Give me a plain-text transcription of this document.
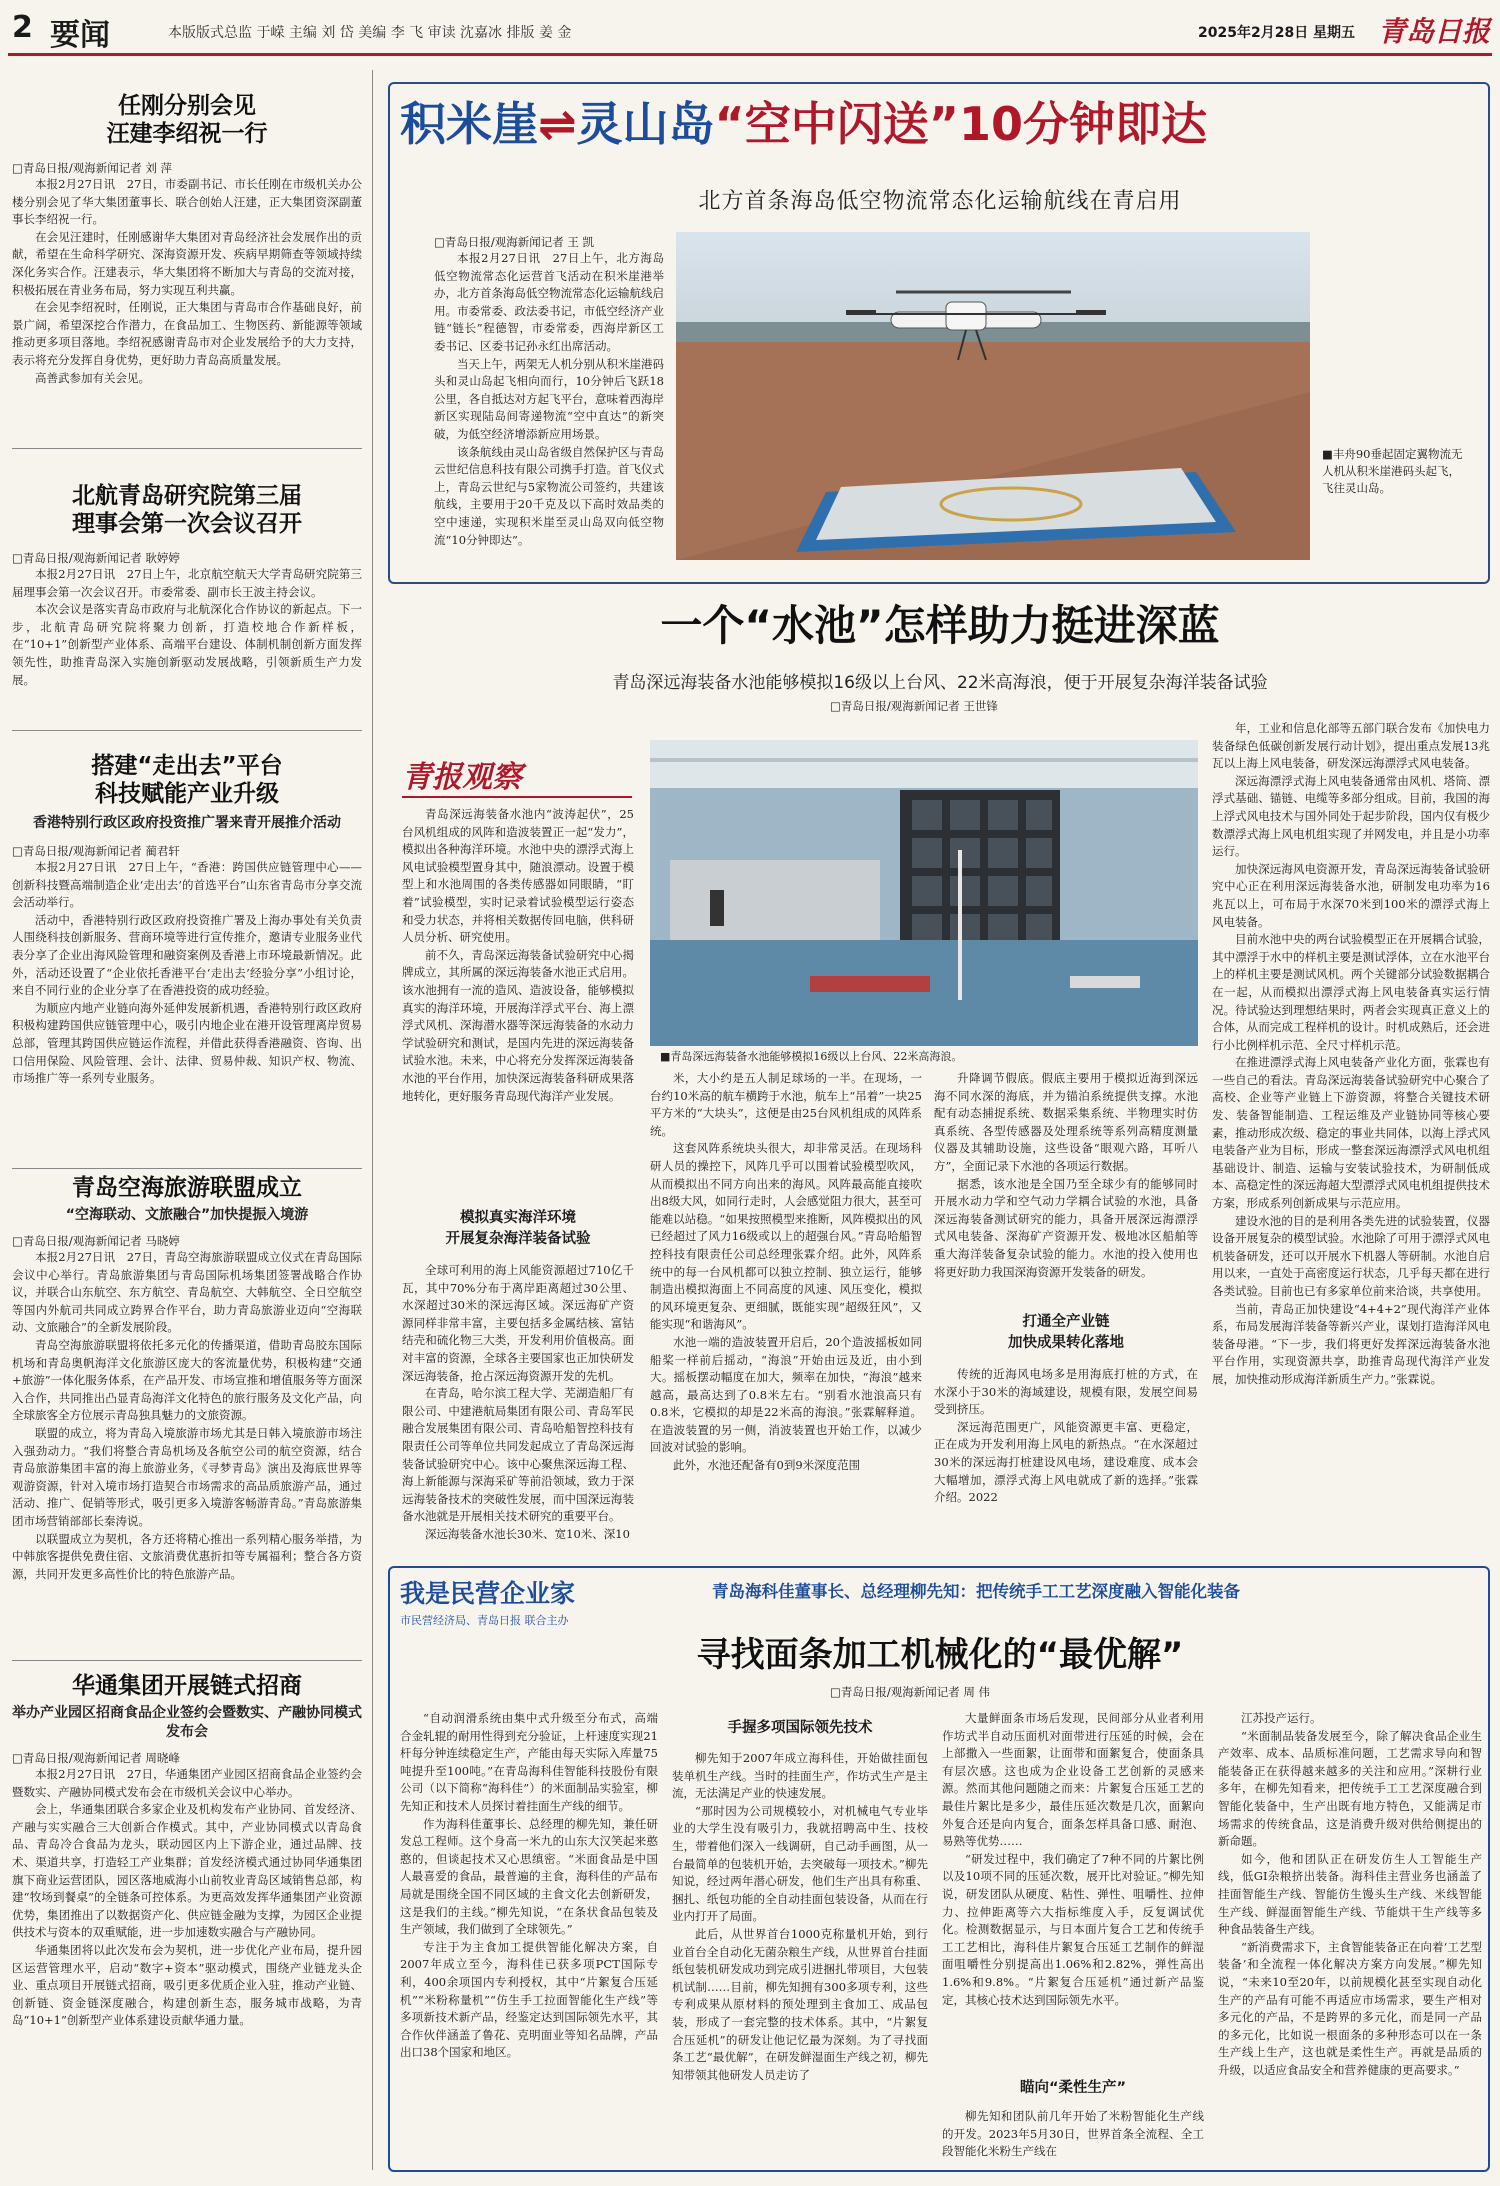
2 要闻	本版版式总监 于嵘 主编 刘 岱 美编 李 飞 审读 沈嘉冰 排版 姜 金	2025年2月28日 星期五 青岛日报
任刚分别会见
汪建李绍祝一行
□青岛日报/观海新闻记者 刘 萍

本报2月27日讯　27日，市委副书记、市长任刚在市级机关办公楼分别会见了华大集团董事长、联合创始人汪建，正大集团资深副董事长李绍祝一行。

在会见汪建时，任刚感谢华大集团对青岛经济社会发展作出的贡献，希望在生命科学研究、深海资源开发、疾病早期筛查等领域持续深化务实合作。汪建表示，华大集团将不断加大与青岛的交流对接，积极拓展在青业务布局，努力实现互利共赢。

在会见李绍祝时，任刚说，正大集团与青岛市合作基础良好，前景广阔，希望深挖合作潜力，在食品加工、生物医药、新能源等领域推动更多项目落地。李绍祝感谢青岛市对企业发展给予的大力支持，表示将充分发挥自身优势，更好助力青岛高质量发展。

高善武参加有关会见。

北航青岛研究院第三届
理事会第一次会议召开
□青岛日报/观海新闻记者 耿婷婷

本报2月27日讯　27日上午，北京航空航天大学青岛研究院第三届理事会第一次会议召开。市委常委、副市长王波主持会议。

本次会议是落实青岛市政府与北航深化合作协议的新起点。下一步，北航青岛研究院将聚力创新，打造校地合作新样板，在“10+1”创新型产业体系、高端平台建设、体制机制创新方面发挥领先性，助推青岛深入实施创新驱动发展战略，引领新质生产力发展。

搭建“走出去”平台
科技赋能产业升级
香港特别行政区政府投资推广署来青开展推介活动
□青岛日报/观海新闻记者 蔺君轩

本报2月27日讯　27日上午，“香港：跨国供应链管理中心——创新科技暨高端制造企业‘走出去’的首选平台”山东省青岛市分享交流会活动举行。

活动中，香港特别行政区政府投资推广署及上海办事处有关负责人围绕科技创新服务、营商环境等进行宣传推介，邀请专业服务业代表分享了企业出海风险管理和融资案例及香港上市环境最新情况。此外，活动还设置了“企业依托香港平台‘走出去’经验分享”小组讨论，来自不同行业的企业分享了在香港投资的成功经验。

为顺应内地产业链向海外延伸发展新机遇，香港特别行政区政府积极构建跨国供应链管理中心，吸引内地企业在港开设管理离岸贸易总部，管理其跨国供应链运作流程，并借此获得香港融资、咨询、出口信用保险、风险管理、会计、法律、贸易仲裁、知识产权、物流、市场推广等一系列专业服务。

青岛空海旅游联盟成立
“空海联动、文旅融合”加快提振入境游
□青岛日报/观海新闻记者 马晓婷

本报2月27日讯　27日，青岛空海旅游联盟成立仪式在青岛国际会议中心举行。青岛旅游集团与青岛国际机场集团签署战略合作协议，并联合山东航空、东方航空、青岛航空、大韩航空、全日空航空等国内外航司共同成立跨界合作平台，助力青岛旅游业迈向“空海联动、文旅融合”的全新发展阶段。

青岛空海旅游联盟将依托多元化的传播渠道，借助青岛胶东国际机场和青岛奥帆海洋文化旅游区庞大的客流量优势，积极构建“交通+旅游”一体化服务体系，在产品开发、市场宣推和增值服务等方面深入合作，共同推出凸显青岛海洋文化特色的旅行服务及文化产品，向全球旅客全方位展示青岛独具魅力的文旅资源。

联盟的成立，将为青岛入境旅游市场尤其是日韩入境旅游市场注入强劲动力。“我们将整合青岛机场及各航空公司的航空资源，结合青岛旅游集团丰富的海上旅游业务，《寻梦青岛》演出及海底世界等观游资源，针对入境市场打造契合市场需求的高品质旅游产品，通过活动、推广、促销等形式，吸引更多入境游客畅游青岛。”青岛旅游集团市场营销部部长秦涛说。

以联盟成立为契机，各方还将精心推出一系列精心服务举措，为中韩旅客提供免费住宿、文旅消费优惠折扣等专属福利；整合各方资源，共同开发更多高性价比的特色旅游产品。

华通集团开展链式招商
举办产业园区招商食品企业签约会暨数实、产融协同模式发布会
□青岛日报/观海新闻记者 周晓峰

本报2月27日讯　27日，华通集团产业园区招商食品企业签约会暨数实、产融协同模式发布会在市级机关会议中心举办。

会上，华通集团联合多家企业及机构发布产业协同、首发经济、产融与实实融合三大创新合作模式。其中，产业协同模式以青岛食品、青岛冷合食品为龙头，联动园区内上下游企业，通过品牌、技术、渠道共享，打造轻工产业集群；首发经济模式通过协同华通集团旗下商业运营团队，园区落地威海小山前牧业青岛区域销售总部，构建“牧场到餐桌”的全链条可控体系。为更高效发挥华通集团产业资源优势，集团推出了以数据资产化、供应链金融为支撑，为园区企业提供技术与资本的双重赋能，进一步加速数实融合与产融协同。

华通集团将以此次发布会为契机，进一步优化产业布局，提升园区运营管理水平，启动“数字+资本”驱动模式，围绕产业链龙头企业、重点项目开展链式招商，吸引更多优质企业入驻，推动产业链、创新链、资金链深度融合，构建创新生态，服务城市战略，为青岛“10+1”创新型产业体系建设贡献华通力量。

积米崖⇌灵山岛“空中闪送”10分钟即达
北方首条海岛低空物流常态化运输航线在青启用
□青岛日报/观海新闻记者 王 凯

本报2月27日讯　27日上午，北方海岛低空物流常态化运营首飞活动在积米崖港举办，北方首条海岛低空物流常态化运输航线启用。市委常委、政法委书记，市低空经济产业链“链长”程德智，市委常委，西海岸新区工委书记、区委书记孙永红出席活动。

当天上午，两架无人机分别从积米崖港码头和灵山岛起飞相向而行，10分钟后飞跃18公里，各自抵达对方起飞平台，意味着西海岸新区实现陆岛间寄递物流“空中直达”的新突破，为低空经济增添新应用场景。

该条航线由灵山岛省级自然保护区与青岛云世纪信息科技有限公司携手打造。首飞仪式上，青岛云世纪与5家物流公司签约，共建该航线，主要用于20千克及以下高时效品类的空中速递，实现积米崖至灵山岛双向低空物流“10分钟即达”。

■丰舟90垂起固定翼物流无人机从积米崖港码头起飞，飞往灵山岛。
一个“水池”怎样助力挺进深蓝
青岛深远海装备水池能够模拟16级以上台风、22米高海浪，便于开展复杂海洋装备试验
□青岛日报/观海新闻记者 王世锋
青报观察

青岛深远海装备水池内“波涛起伏”，25台风机组成的风阵和造波装置正一起“发力”，模拟出各种海洋环境。水池中央的漂浮式海上风电试验模型置身其中，随浪漂动。设置于模型上和水池周围的各类传感器如同眼睛，“盯着”试验模型，实时记录着试验模型运行姿态和受力状态，并将相关数据传回电脑，供科研人员分析、研究使用。

前不久，青岛深远海装备试验研究中心揭牌成立，其所属的深远海装备水池正式启用。该水池拥有一流的造风、造波设备，能够模拟真实的海洋环境，开展海洋浮式平台、海上漂浮式风机、深海潜水器等深远海装备的水动力学试验研究和测试，是国内先进的深远海装备试验水池。未来，中心将充分发挥深远海装备水池的平台作用，加快深远海装备科研成果落地转化，更好服务青岛现代海洋产业发展。

模拟真实海洋环境
开展复杂海洋装备试验

全球可利用的海上风能资源超过710亿千瓦，其中70%分布于离岸距离超过30公里、水深超过30米的深远海区域。深远海矿产资源同样非常丰富，主要包括多金属结核、富钴结壳和硫化物三大类，开发利用价值极高。面对丰富的资源，全球各主要国家也正加快研发深远海装备，抢占深远海资源开发的先机。

在青岛，哈尔滨工程大学、芜湖造船厂有限公司、中建港航局集团有限公司、青岛军民融合发展集团有限公司、青岛哈船智控科技有限责任公司等单位共同发起成立了青岛深远海装备试验研究中心。该中心聚焦深远海工程、海上新能源与深海采矿等前沿领域，致力于深远海装备技术的突破性发展，而中国深远海装备水池就是开展相关技术研究的重要平台。

深远海装备水池长30米、宽10米、深10

■青岛深远海装备水池能够模拟16级以上台风、22米高海浪。

米，大小约是五人制足球场的一半。在现场，一台约10米高的航车横跨于水池，航车上“吊着”一块25平方米的“大块头”，这便是由25台风机组成的风阵系统。

这套风阵系统块头很大，却非常灵活。在现场科研人员的操控下，风阵几乎可以围着试验模型吹风，从而模拟出不同方向出来的海风。风阵最高能直接吹出8级大风，如同行走时，人会感觉阻力很大，甚至可能难以站稳。“如果按照模型来推断，风阵模拟出的风已经超过了风力16级或以上的超强台风。”青岛哈船智控科技有限责任公司总经理张霖介绍。此外，风阵系统中的每一台风机都可以独立控制、独立运行，能够制造出模拟海面上不同高度的风速、风压变化，模拟的风环境更复杂、更细腻，既能实现“超级狂风”，又能实现“和谐海风”。

水池一端的造波装置开启后，20个造波摇板如同船桨一样前后摇动，“海浪”开始由远及近，由小到大。摇板摆动幅度在加大，频率在加快，“海浪”越来越高，最高达到了0.8米左右。“别看水池浪高只有0.8米，它模拟的却是22米高的海浪。”张霖解释道。在造波装置的另一侧，消波装置也开始工作，以减少回波对试验的影响。

此外，水池还配备有0到9米深度范围

升降调节假底。假底主要用于模拟近海到深远海不同水深的海底，并为锚泊系统提供支撑。水池配有动态捕捉系统、数据采集系统、半物理实时仿真系统、各型传感器及处理系统等系列高精度测量仪器及其辅助设施，这些设备“眼观六路，耳听八方”，全面记录下水池的各项运行数据。

据悉，该水池是全国乃至全球少有的能够同时开展水动力学和空气动力学耦合试验的水池，具备深远海装备测试研究的能力，具备开展深远海漂浮式风电装备、深海矿产资源开发、极地冰区船舶等重大海洋装备复杂试验的能力。水池的投入使用也将更好助力我国深海资源开发装备的研发。

打通全产业链
加快成果转化落地

传统的近海风电场多是用海底打桩的方式，在水深小于30米的海域建设，规模有限，发展空间易受到挤压。

深远海范围更广，风能资源更丰富、更稳定，正在成为开发利用海上风电的新热点。“在水深超过30米的深远海打桩建设风电场，建设难度、成本会大幅增加，漂浮式海上风电就成了新的选择。”张霖介绍。2022

年，工业和信息化部等五部门联合发布《加快电力装备绿色低碳创新发展行动计划》，提出重点发展13兆瓦以上海上风电装备，研发深远海漂浮式风电装备。

深远海漂浮式海上风电装备通常由风机、塔筒、漂浮式基础、锚链、电缆等多部分组成。目前，我国的海上浮式风电技术与国外同处于起步阶段，国内仅有极少数漂浮式海上风电机组实现了并网发电，并且是小功率运行。

加快深远海风电资源开发，青岛深远海装备试验研究中心正在利用深远海装备水池，研制发电功率为16兆瓦以上，可布局于水深70米到100米的漂浮式海上风电装备。

目前水池中央的两台试验模型正在开展耦合试验，其中漂浮于水中的样机主要是测试浮体，立在水池平台上的样机主要是测试风机。两个关键部分试验数据耦合在一起，从而模拟出漂浮式海上风电装备真实运行情况。待试验达到理想结果时，两者会实现真正意义上的合体，从而完成工程样机的设计。时机成熟后，还会进行小比例样机示范、全尺寸样机示范。

在推进漂浮式海上风电装备产业化方面，张霖也有一些自己的看法。青岛深远海装备试验研究中心聚合了高校、企业等产业链上下游资源，将整合关键技术研发、装备智能制造、工程运维及产业链协同等核心要素，推动形成次级、稳定的事业共同体，以海上浮式风电装备产业为目标，形成一整套深远海漂浮式风电机组基础设计、制造、运输与安装试验技术，为研制低成本、高稳定性的深远海超大型漂浮式风电机组提供技术方案，形成系列创新成果与示范应用。

建设水池的目的是利用各类先进的试验装置，仪器设备开展复杂的模型试验。水池除了可用于漂浮式风电机装备研发，还可以开展水下机器人等研制。水池自启用以来，一直处于高密度运行状态，几乎每天都在进行各类试验。目前也已有多家单位前来洽谈，共享使用。

当前，青岛正加快建设“4+4+2”现代海洋产业体系，布局发展海洋装备等新兴产业，谋划打造海洋风电装备母港。“下一步，我们将更好发挥深远海装备水池平台作用，实现资源共享，助推青岛现代海洋产业发展，加快推动形成海洋新质生产力。”张霖说。

我是民营企业家
市民营经济局、青岛日报 联合主办
青岛海科佳董事长、总经理柳先知：把传统手工工艺深度融入智能化装备
寻找面条加工机械化的“最优解”
□青岛日报/观海新闻记者 周 伟

“自动润滑系统由集中式升级至分布式，高端合金轧辊的耐用性得到充分验证，上杆速度实现21杆每分钟连续稳定生产，产能由每天实际入库量75吨提升至100吨。”在青岛海科佳智能科技股份有限公司（以下简称“海科佳”）的米面制品实验室，柳先知正和技术人员探讨着挂面生产线的细节。

作为海科佳董事长、总经理的柳先知，兼任研发总工程师。这个身高一米九的山东大汉笑起来憨憨的，但谈起技术又心思缜密。“米面食品是中国人最喜爱的食品，最普遍的主食，海科佳的产品布局就是围绕全国不同区域的主食文化去创新研发，这是我们的主线。”柳先知说，“在条状食品包装及生产领域，我们做到了全球领先。”

专注于为主食加工提供智能化解决方案，自2007年成立至今，海科佳已获多项PCT国际专利，400余项国内专利授权，其中“片絮复合压延机”“米粉称量机”“仿生手工拉面智能化生产线”等多项新技术新产品，经鉴定达到国际领先水平，其合作伙伴涵盖了鲁花、克明面业等知名品牌，产品出口38个国家和地区。

手握多项国际领先技术

柳先知于2007年成立海科佳，开始做挂面包装单机生产线。当时的挂面生产，作坊式生产是主流，无法满足产业的快速发展。

“那时因为公司规模较小，对机械电气专业毕业的大学生没有吸引力，我就招聘高中生、技校生，带着他们深入一线调研，自己动手画图，从一台最简单的包装机开始，去突破每一项技术。”柳先知说，经过两年潜心研发，他们生产出具有称重、捆扎、纸包功能的全自动挂面包装设备，从而在行业内打开了局面。

此后，从世界首台1000克称量机开始，到行业首台全自动化无菌杂粮生产线，从世界首台挂面纸包装机研发成功到完成引进捆扎带项目，大包装机试制……目前，柳先知拥有300多项专利，这些专利成果从原材料的预处理到主食加工、成品包装，形成了一套完整的技术体系。其中，“片絮复合压延机”的研发让他记忆最为深刻。为了寻找面条工艺“最优解”，在研发鲜湿面生产线之初，柳先知带领其他研发人员走访了

大量鲜面条市场后发现，民间部分从业者利用作坊式半自动压面机对面带进行压延的时候，会在上部撒入一些面絮，让面带和面絮复合，使面条具有层次感。这也成为企业设备工艺创新的灵感来源。然而其他问题随之而来：片絮复合压延工艺的最佳片絮比是多少，最佳压延次数是几次，面絮向外复合还是向内复合，面条怎样具备口感、耐泡、易熟等优势……

“研发过程中，我们确定了7种不同的片絮比例以及10项不同的压延次数，展开比对验证。”柳先知说，研发团队从硬度、粘性、弹性、咀嚼性、拉伸力、拉伸距离等六大指标维度入手，反复调试优化。检测数据显示，与日本面片复合工艺和传统手工工艺相比，海科佳片絮复合压延工艺制作的鲜湿面咀嚼性分别提高出1.06%和2.82%，弹性高出1.6%和9.8%。“片絮复合压延机”通过新产品鉴定，其核心技术达到国际领先水平。

瞄向“柔性生产”

柳先知和团队前几年开始了米粉智能化生产线的开发。2023年5月30日，世界首条全流程、全工段智能化米粉生产线在

江苏投产运行。

“米面制品装备发展至今，除了解决食品企业生产效率、成本、品质标准问题，工艺需求导向和智能装备正在获得越来越多的关注和应用。”深耕行业多年，在柳先知看来，把传统手工工艺深度融合到智能化装备中，生产出既有地方特色，又能满足市场需求的传统食品，这是消费升级对供给侧提出的新命题。

如今，他和团队正在研发仿生人工智能生产线，低GI杂粮挤出装备。海科佳主营业务也涵盖了挂面智能生产线、智能仿生馒头生产线、米线智能生产线、鲜湿面智能生产线、节能烘干生产线等多种食品装备生产线。

“新消费需求下，主食智能装备正在向着‘工艺型装备’和全流程一体化解决方案方向发展。”柳先知说，“未来10至20年，以前规模化甚至实现自动化生产的产品有可能不再适应市场需求，要生产相对多元化的产品，不是跨界的多元化，而是同一产品的多元化，比如说一根面条的多种形态可以在一条生产线上生产，这也就是柔性生产。再就是品质的升级，以适应食品安全和营养健康的更高要求。”
